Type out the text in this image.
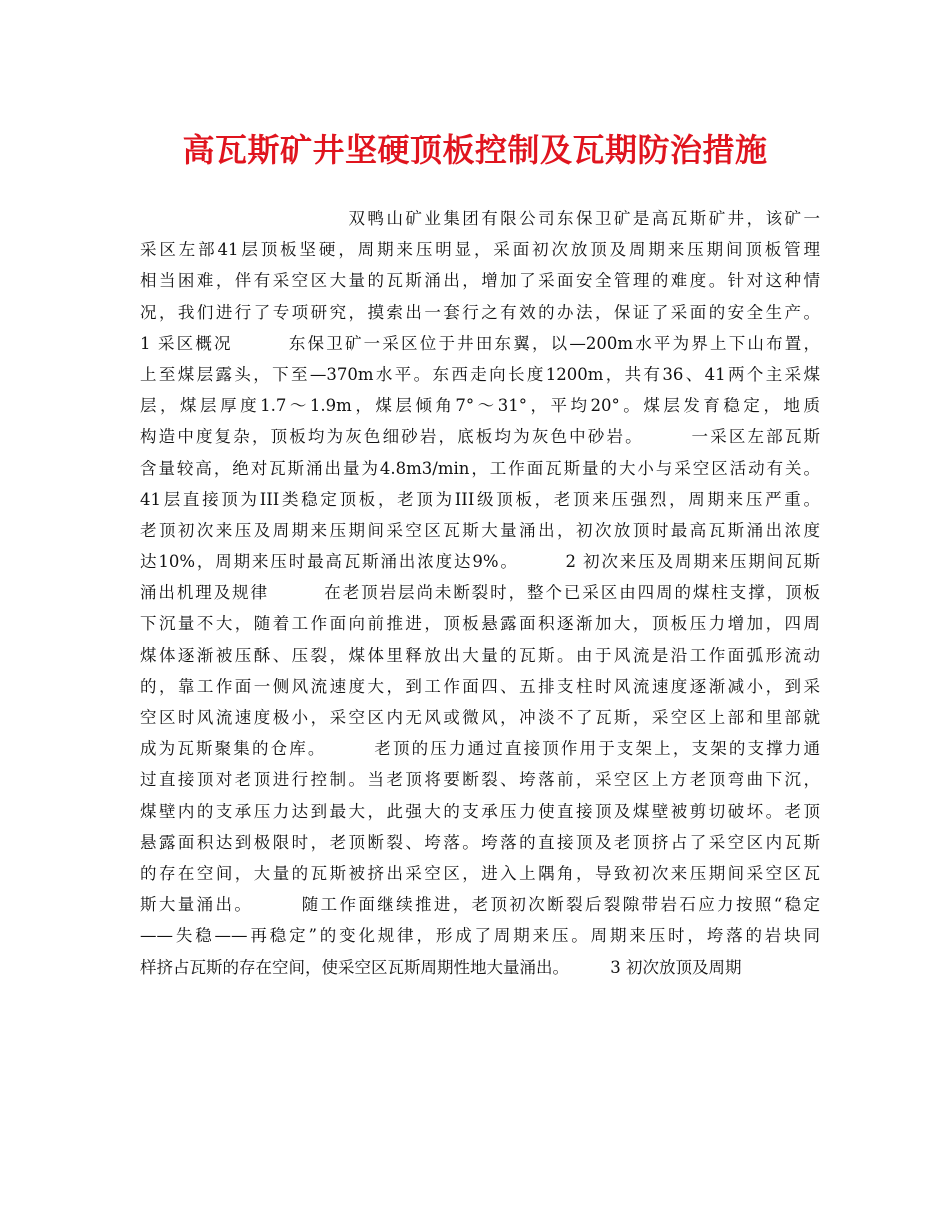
高瓦斯矿井坚硬顶板控制及瓦期防治措施
　　　　　　　　　　　双鸭山矿业集团有限公司东保卫矿是高瓦斯矿井，该矿一
采区左部41层顶板坚硬，周期来压明显，采面初次放顶及周期来压期间顶板管理
相当困难，伴有采空区大量的瓦斯涌出，增加了采面安全管理的难度。针对这种情
况，我们进行了专项研究，摸索出一套行之有效的办法，保证了采面的安全生产。
1 采区概况　　　东保卫矿一采区位于井田东翼，以—200m水平为界上下山布置，
上至煤层露头，下至—370m水平。东西走向长度1200m，共有36、41两个主采煤
层，煤层厚度1.7～1.9m，煤层倾角7°～31°，平均20°。煤层发育稳定，地质
构造中度复杂，顶板均为灰色细砂岩，底板均为灰色中砂岩。　　　一采区左部瓦斯
含量较高，绝对瓦斯涌出量为4.8m3/min，工作面瓦斯量的大小与采空区活动有关。
41层直接顶为III类稳定顶板，老顶为III级顶板，老顶来压强烈，周期来压严重。
老顶初次来压及周期来压期间采空区瓦斯大量涌出，初次放顶时最高瓦斯涌出浓度
达10%，周期来压时最高瓦斯涌出浓度达9%。　　　2 初次来压及周期来压期间瓦斯
涌出机理及规律　　　在老顶岩层尚未断裂时，整个已采区由四周的煤柱支撑，顶板
下沉量不大，随着工作面向前推进，顶板悬露面积逐渐加大，顶板压力增加，四周
煤体逐渐被压酥、压裂，煤体里释放出大量的瓦斯。由于风流是沿工作面弧形流动
的，靠工作面一侧风流速度大，到工作面四、五排支柱时风流速度逐渐减小，到采
空区时风流速度极小，采空区内无风或微风，冲淡不了瓦斯，采空区上部和里部就
成为瓦斯聚集的仓库。　　　老顶的压力通过直接顶作用于支架上，支架的支撑力通
过直接顶对老顶进行控制。当老顶将要断裂、垮落前，采空区上方老顶弯曲下沉，
煤壁内的支承压力达到最大，此强大的支承压力使直接顶及煤壁被剪切破坏。老顶
悬露面积达到极限时，老顶断裂、垮落。垮落的直接顶及老顶挤占了采空区内瓦斯
的存在空间，大量的瓦斯被挤出采空区，进入上隅角，导致初次来压期间采空区瓦
斯大量涌出。　　　随工作面继续推进，老顶初次断裂后裂隙带岩石应力按照“稳定
——失稳——再稳定”的变化规律，形成了周期来压。周期来压时，垮落的岩块同
样挤占瓦斯的存在空间，使采空区瓦斯周期性地大量涌出。　　　3 初次放顶及周期
